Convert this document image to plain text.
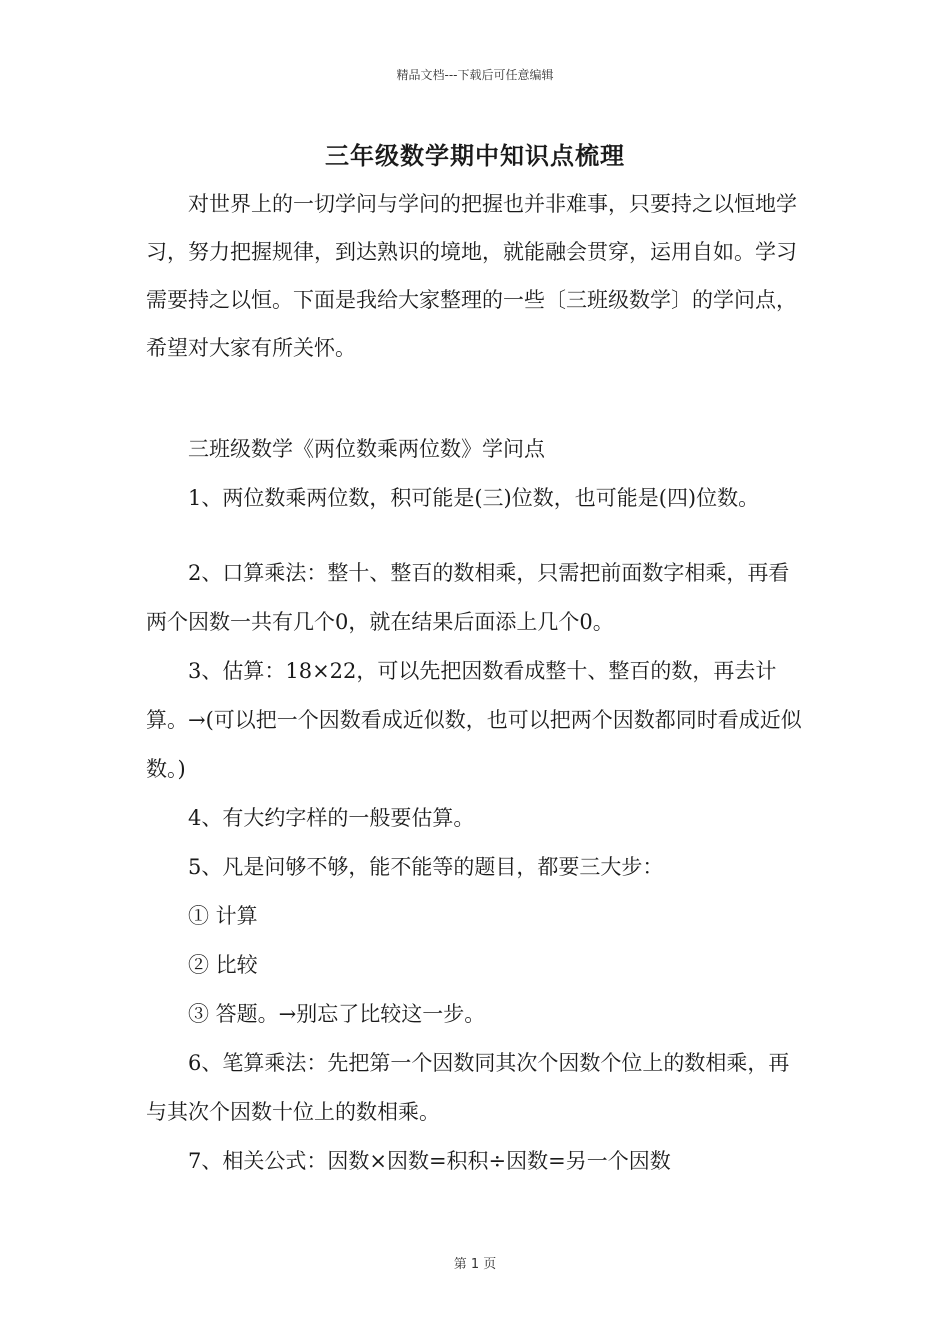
精品文档---下载后可任意编辑
三年级数学期中知识点梳理

对世界上的一切学问与学问的把握也并非难事，只要持之以恒地学习，努力把握规律，到达熟识的境地，就能融会贯穿，运用自如。学习需要持之以恒。下面是我给大家整理的一些〔三班级数学〕的学问点，希望对大家有所关怀。

三班级数学《两位数乘两位数》学问点

1、两位数乘两位数，积可能是(三)位数，也可能是(四)位数。

2、口算乘法：整十、整百的数相乘，只需把前面数字相乘，再看两个因数一共有几个0，就在结果后面添上几个0。

3、估算：18×22，可以先把因数看成整十、整百的数，再去计算。→(可以把一个因数看成近似数，也可以把两个因数都同时看成近似数。)

4、有大约字样的一般要估算。

5、凡是问够不够，能不能等的题目，都要三大步：

① 计算

② 比较

③ 答题。→别忘了比较这一步。

6、笔算乘法：先把第一个因数同其次个因数个位上的数相乘，再与其次个因数十位上的数相乘。

7、相关公式：因数×因数=积积÷因数=另一个因数

第 1 页
